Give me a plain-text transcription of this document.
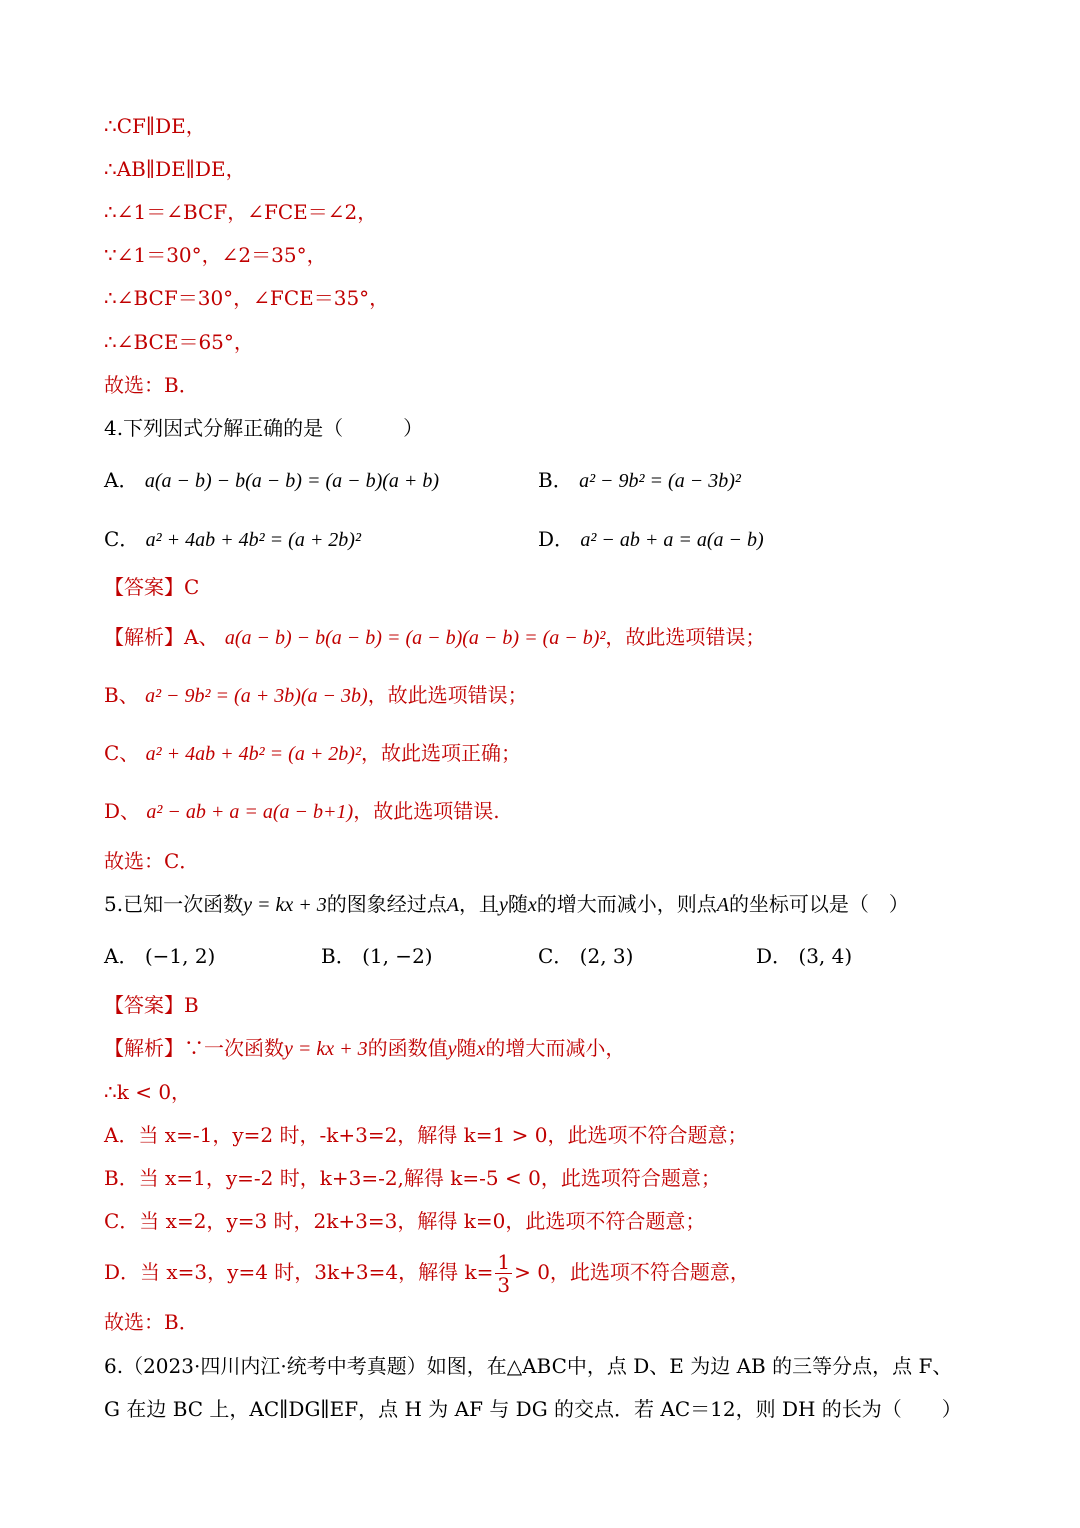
∴CF∥DE，
∴AB∥DE∥DE，
∴∠1＝∠BCF，∠FCE＝∠2，
∵∠1＝30°，∠2＝35°，
∴∠BCF＝30°，∠FCE＝35°，
∴∠BCE＝65°，
故选：B．
4.下列因式分解正确的是（　　　）
A． a(a − b) − b(a − b) = (a − b)(a + b)	B． a² − 9b² = (a − 3b)²
C． a² + 4ab + 4b² = (a + 2b)²	D． a² − ab + a = a(a − b)
【答案】C
【解析】A、 a(a − b) − b(a − b) = (a − b)(a − b) = (a − b)²，故此选项错误；
B、 a² − 9b² = (a + 3b)(a − 3b)，故此选项错误；
C、 a² + 4ab + 4b² = (a + 2b)²，故此选项正确；
D、 a² − ab + a = a(a − b+1)，故此选项错误.
故选：C．
5.已知一次函数y = kx + 3的图象经过点A，且y随x的增大而减小，则点A的坐标可以是（　）
A． (−1, 2)	B． (1, −2)	C． (2, 3)	D． (3, 4)
【答案】B
【解析】∵一次函数y = kx + 3的函数值y随x的增大而减小，
∴k < 0，
A．当 x=-1，y=2 时，-k+3=2，解得 k=1 > 0，此选项不符合题意；
B．当 x=1，y=-2 时，k+3=-2,解得 k=-5 < 0，此选项符合题意；
C．当 x=2，y=3 时，2k+3=3，解得 k=0，此选项不符合题意；
D．当 x=3，y=4 时，3k+3=4，解得 $k= \frac{1}{3} > 0$，此选项不符合题意，
故选：B．
6.（2023·四川内江·统考中考真题）如图，在△ABC中，点 D、E 为边 AB 的三等分点，点 F、
G 在边 BC 上，AC∥DG∥EF，点 H 为 AF 与 DG 的交点．若 AC＝12，则 DH 的长为（　　）
